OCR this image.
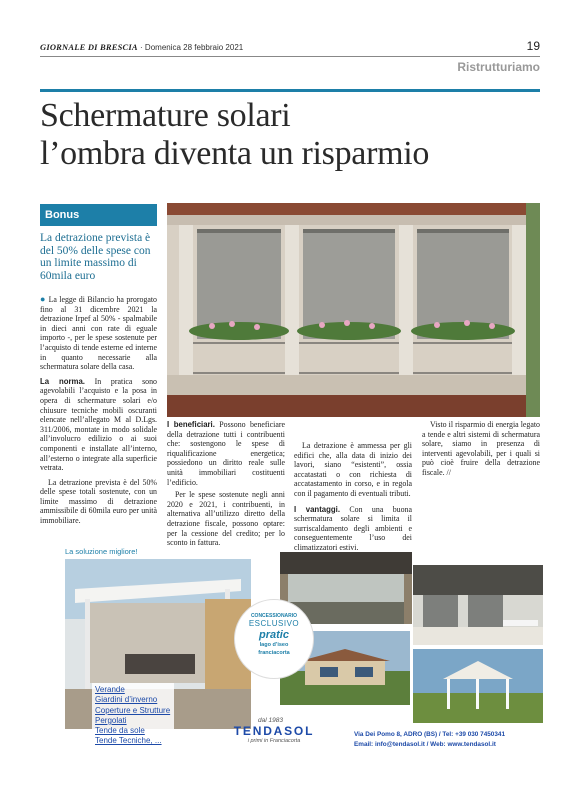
GIORNALE DI BRESCIA · Domenica 28 febbraio 2021	19
Ristrutturiamo
Schermature solari
l’ombra diventa un risparmio
Bonus
La detrazione prevista è del 50% delle spese con un limite massimo di 60mila euro

● La legge di Bilancio ha prorogato fino al 31 dicembre 2021 la detrazione Irpef al 50% - spalmabile in dieci anni con rate di eguale importo -, per le spese sostenute per l’acquisto di tende esterne ed interne in quanto necessarie alla schermatura solare della casa.

La norma. In pratica sono agevolabili l’acquisto e la posa in opera di schermature solari e/o chiusure tecniche mobili oscuranti elencate nell’allegato M al D.Lgs. 311/2006, montate in modo solidale all’involucro edilizio o ai suoi componenti e installate all’interno, all’esterno o integrate alla superficie vetrata.

La detrazione prevista è del 50% delle spese totali sostenute, con un limite massimo di detrazione ammissibile di 60mila euro per unità immobiliare.

I beneficiari. Possono beneficiare della detrazione tutti i contribuenti che: sostengono le spese di riqualificazione energetica; possiedono un diritto reale sulle unità immobiliari costituenti l’edificio.

Per le spese sostenute negli anni 2020 e 2021, i contribuenti, in alternativa all’utilizzo diretto della detrazione fiscale, possono optare: per la cessione del credito; per lo sconto in fattura.

La detrazione è ammessa per gli edifici che, alla data di inizio dei lavori, siano “esistenti”, ossia accatastati o con richiesta di accatastamento in corso, e in regola con il pagamento di eventuali tributi.

I vantaggi. Con una buona schermatura solare si limita il surriscaldamento degli ambienti e conseguentemente l’uso dei climatizzatori estivi.

Visto il risparmio di energia legato a tende e altri sistemi di schermatura solare, siamo in presenza di interventi agevolabili, per i quali si può cioè fruire della detrazione fiscale. //

La soluzione migliore!
Verande
Giardini d’inverno
Coperture e Strutture
Pergolati
Tende da sole
Tende Tecniche, ...
CONCESSIONARIO
ESCLUSIVO
pratic
lago d’iseo
franciacorta
dal 1983
TENDASOL
i primi in Franciacorta
Via Dei Pomo 8, ADRO (BS) / Tel: +39 030 7450341
Email: info@tendasol.it / Web: www.tendasol.it
